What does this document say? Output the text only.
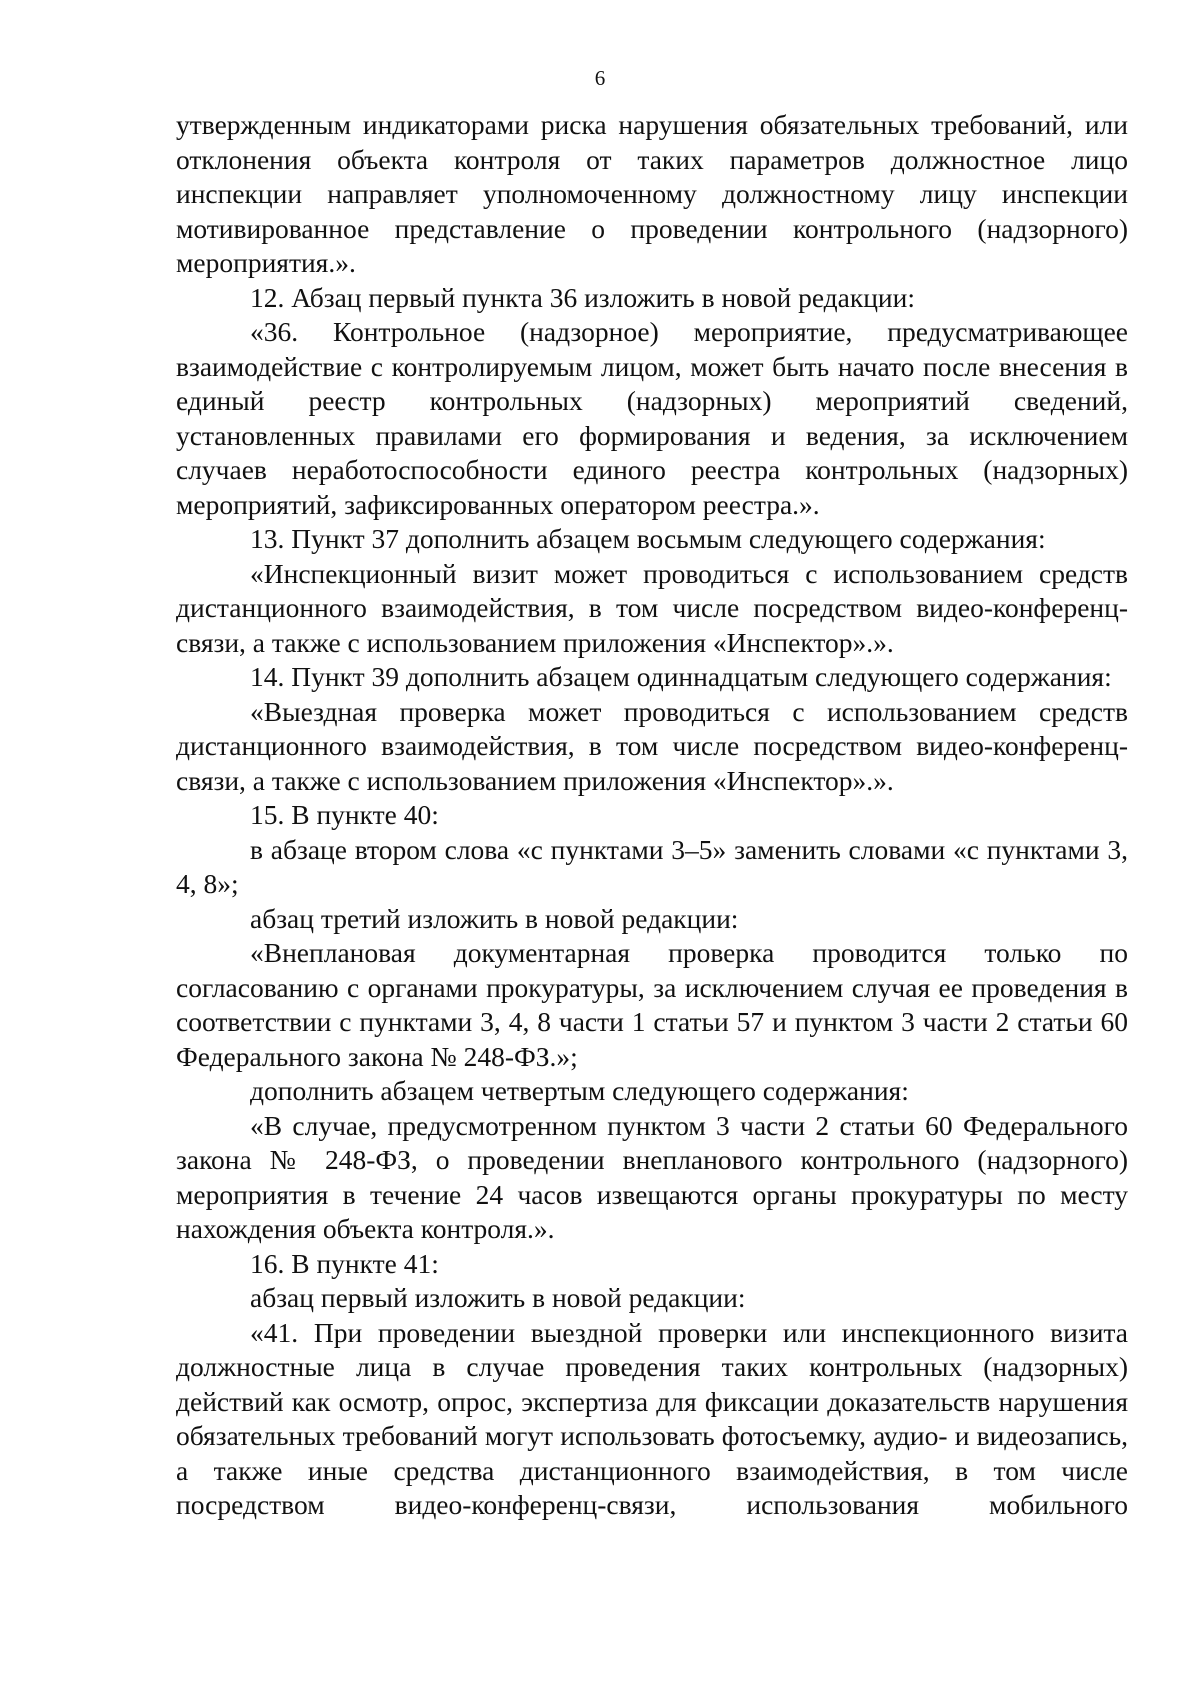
6

утвержденным индикаторами риска нарушения обязательных требований, или отклонения объекта контроля от таких параметров должностное лицо инспекции направляет уполномоченному должностному лицу инспекции мотивированное представление о проведении контрольного (надзорного) мероприятия.».

12. Абзац первый пункта 36 изложить в новой редакции:

«36. Контрольное (надзорное) мероприятие, предусматривающее взаимодействие с контролируемым лицом, может быть начато после внесения в единый реестр контрольных (надзорных) мероприятий сведений, установленных правилами его формирования и ведения, за исключением случаев неработоспособности единого реестра контрольных (надзорных) мероприятий, зафиксированных оператором реестра.».

13. Пункт 37 дополнить абзацем восьмым следующего содержания:

«Инспекционный визит может проводиться с использованием средств дистанционного взаимодействия, в том числе посредством видео-конференц-связи, а также с использованием приложения «Инспектор».».

14. Пункт 39 дополнить абзацем одиннадцатым следующего содержания:

«Выездная проверка может проводиться с использованием средств дистанционного взаимодействия, в том числе посредством видео-конференц-связи, а также с использованием приложения «Инспектор».».

15. В пункте 40:

в абзаце втором слова «с пунктами 3–5» заменить словами «с пунктами 3, 4, 8»;

абзац третий изложить в новой редакции:

«Внеплановая документарная проверка проводится только по согласованию с органами прокуратуры, за исключением случая ее проведения в соответствии с пунктами 3, 4, 8 части 1 статьи 57 и пунктом 3 части 2 статьи 60 Федерального закона № 248-ФЗ.»;

дополнить абзацем четвертым следующего содержания:

«В случае, предусмотренном пунктом 3 части 2 статьи 60 Федерального закона № 248-ФЗ, о проведении внепланового контрольного (надзорного) мероприятия в течение 24 часов извещаются органы прокуратуры по месту нахождения объекта контроля.».

16. В пункте 41:

абзац первый изложить в новой редакции:

«41. При проведении выездной проверки или инспекционного визита должностные лица в случае проведения таких контрольных (надзорных) действий как осмотр, опрос, экспертиза для фиксации доказательств нарушения обязательных требований могут использовать фотосъемку, аудио- и видеозапись, а также иные средства дистанционного взаимодействия, в том числе посредством видео-конференц-связи, использования мобильного
